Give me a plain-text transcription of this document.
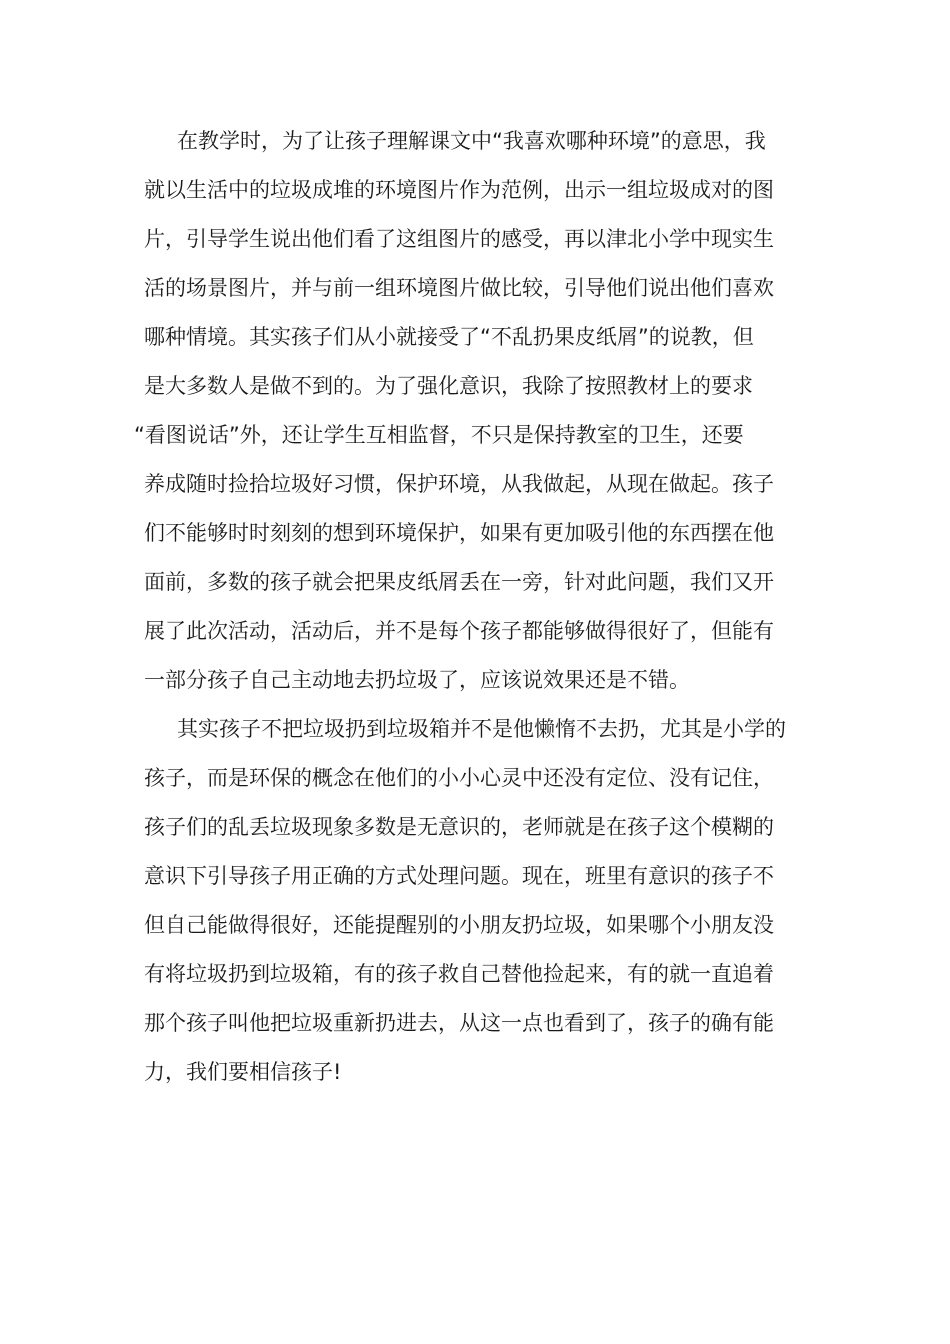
在教学时，为了让孩子理解课文中“我喜欢哪种环境”的意思，我
就以生活中的垃圾成堆的环境图片作为范例，出示一组垃圾成对的图
片，引导学生说出他们看了这组图片的感受，再以津北小学中现实生
活的场景图片，并与前一组环境图片做比较，引导他们说出他们喜欢
哪种情境。其实孩子们从小就接受了“不乱扔果皮纸屑”的说教，但
是大多数人是做不到的。为了强化意识，我除了按照教材上的要求
“看图说话”外，还让学生互相监督，不只是保持教室的卫生，还要
养成随时捡拾垃圾好习惯，保护环境，从我做起，从现在做起。孩子
们不能够时时刻刻的想到环境保护，如果有更加吸引他的东西摆在他
面前，多数的孩子就会把果皮纸屑丢在一旁，针对此问题，我们又开
展了此次活动，活动后，并不是每个孩子都能够做得很好了，但能有
一部分孩子自己主动地去扔垃圾了，应该说效果还是不错。
其实孩子不把垃圾扔到垃圾箱并不是他懒惰不去扔，尤其是小学的
孩子，而是环保的概念在他们的小小心灵中还没有定位、没有记住，
孩子们的乱丢垃圾现象多数是无意识的，老师就是在孩子这个模糊的
意识下引导孩子用正确的方式处理问题。现在，班里有意识的孩子不
但自己能做得很好，还能提醒别的小朋友扔垃圾，如果哪个小朋友没
有将垃圾扔到垃圾箱，有的孩子救自己替他捡起来，有的就一直追着
那个孩子叫他把垃圾重新扔进去，从这一点也看到了，孩子的确有能
力，我们要相信孩子!
